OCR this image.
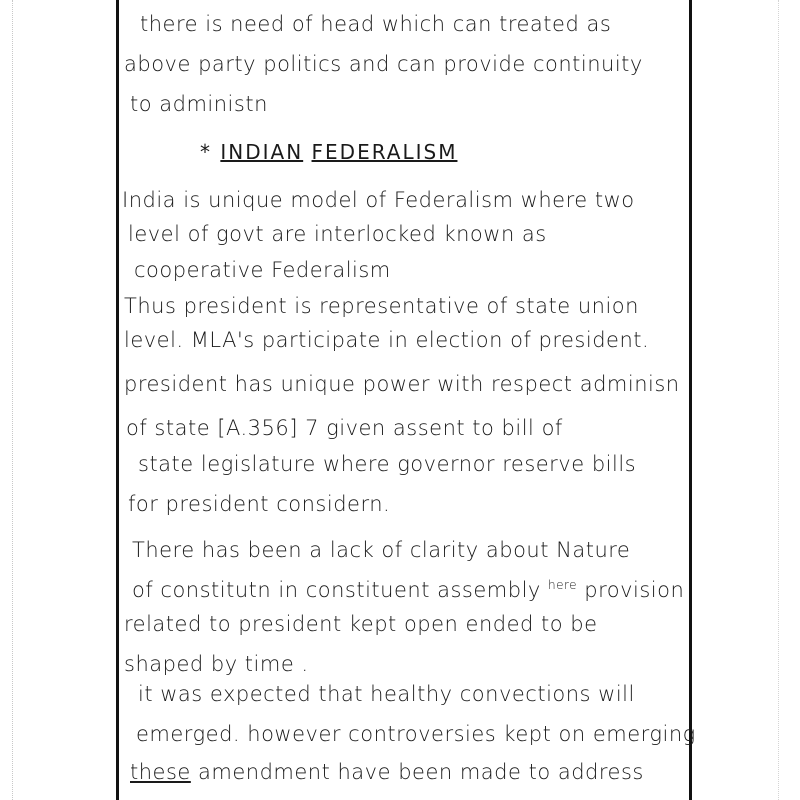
there is need of head which can treated as
above party politics and can provide continuity
to administn
* INDIAN FEDERALISM
India is unique model of Federalism where two
level of govt are interlocked known as
cooperative Federalism
Thus president is representative of state union
level. MLA's participate in election of president.
president has unique power with respect adminisn
of state [A.356] 7 given assent to bill of
state legislature where governor reserve bills
for president considern.
There has been a lack of clarity about Nature
of constitutn in constituent assembly $^{here}$ provision
related to president kept open ended to be
shaped by time .
it was expected that healthy convections will
emerged. however controversies kept on emerging
these amendment have been made to address
